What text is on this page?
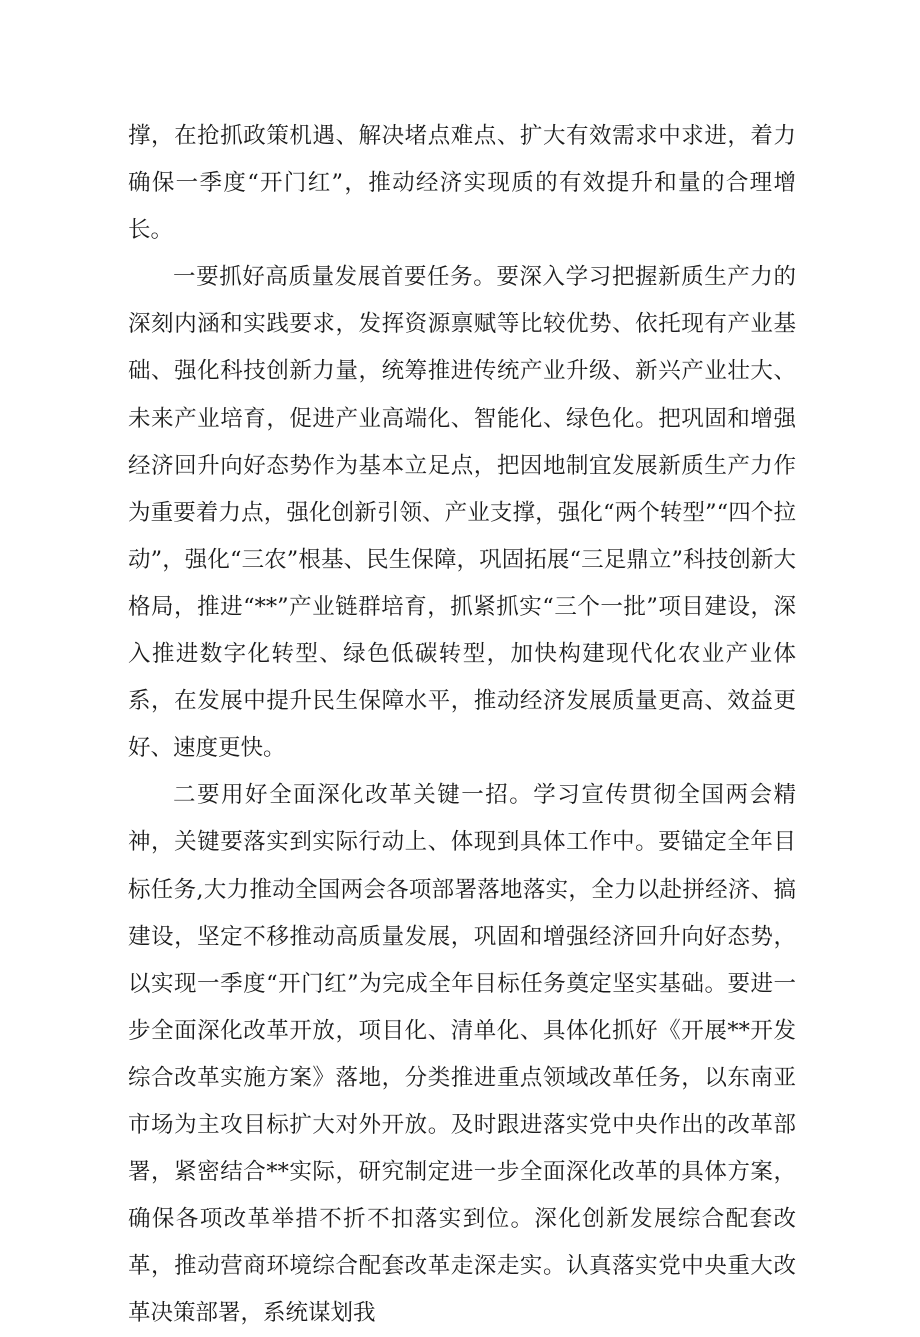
撑，在抢抓政策机遇、解决堵点难点、扩大有效需求中求进，着力确保一季度“开门红”，推动经济实现质的有效提升和量的合理增长。

一要抓好高质量发展首要任务。要深入学习把握新质生产力的深刻内涵和实践要求，发挥资源禀赋等比较优势、依托现有产业基础、强化科技创新力量，统筹推进传统产业升级、新兴产业壮大、未来产业培育，促进产业高端化、智能化、绿色化。把巩固和增强经济回升向好态势作为基本立足点，把因地制宜发展新质生产力作为重要着力点，强化创新引领、产业支撑，强化“两个转型”“四个拉动”，强化“三农”根基、民生保障，巩固拓展“三足鼎立”科技创新大格局，推进“**”产业链群培育，抓紧抓实“三个一批”项目建设，深入推进数字化转型、绿色低碳转型，加快构建现代化农业产业体系，在发展中提升民生保障水平，推动经济发展质量更高、效益更好、速度更快。

二要用好全面深化改革关键一招。学习宣传贯彻全国两会精神，关键要落实到实际行动上、体现到具体工作中。要锚定全年目标任务,大力推动全国两会各项部署落地落实，全力以赴拼经济、搞建设，坚定不移推动高质量发展，巩固和增强经济回升向好态势，以实现一季度“开门红”为完成全年目标任务奠定坚实基础。要进一步全面深化改革开放，项目化、清单化、具体化抓好《开展**开发综合改革实施方案》落地，分类推进重点领域改革任务，以东南亚市场为主攻目标扩大对外开放。及时跟进落实党中央作出的改革部署，紧密结合**实际，研究制定进一步全面深化改革的具体方案，确保各项改革举措不折不扣落实到位。深化创新发展综合配套改革，推动营商环境综合配套改革走深走实。认真落实党中央重大改革决策部署，系统谋划我
